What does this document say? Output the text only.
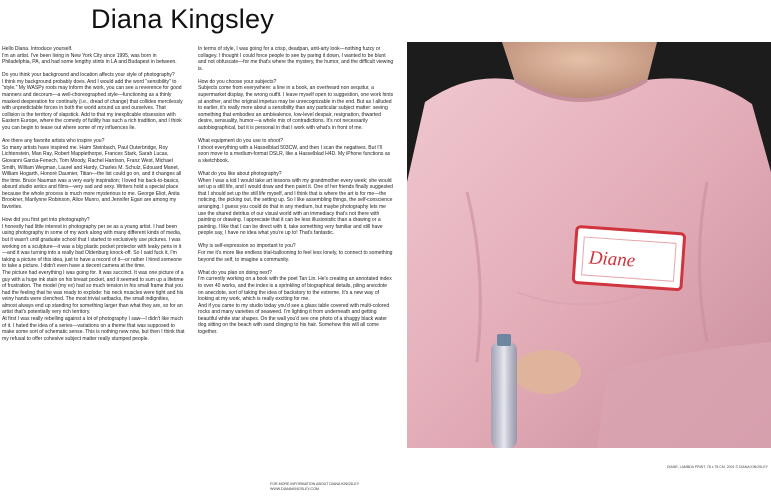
Diana Kingsley

Hello Diana. Introduce yourself.

I'm an artist. I've been living in New York City since 1995, was born in Philadelphia, PA, and had some lengthy stints in LA and Budapest in between.

Do you think your background and location affects your style of photography?

I think my background probably does. And I would add the word "sensibility" to "style." My WASPy roots may inform the work, you can see a reverence for good manners and decorum—a well-choreographed style—functioning as a thinly masked desperation for continuity (i.e., dread of change) that collides mercilessly with unpredictable forces in both the world around us and ourselves. That collision is the territory of slapstick. Add to that my inexplicable obsession with Eastern Europe, where the comedy of futility has such a rich tradition, and I think you can begin to tease out where some of my influences lie.

Are there any favorite artists who inspire you?

So many artists have inspired me. Haim Steinbach, Paul Outerbridge, Roy Lichtenstein, Man Ray, Robert Mapplethorpe, Frances Stark, Sarah Lucas, Giovanni Garcia-Fenech, Tom Moody, Rachel Harrison, Franz West, Michael Smith, William Wegman, Laurel and Hardy, Charles M. Schulz, Édouard Manet, William Hogarth, Honoré Daumier, Titian—the list could go on, and it changes all the time. Bruce Nauman was a very early inspiration; I loved his back-to-basics, absurd studio antics and films—very sad and sexy. Writers hold a special place because the whole process is much more mysterious to me. George Eliot, Anita Brookner, Marilynne Robinson, Alice Munro, and Jennifer Egan are among my favorites.

How did you first get into photography?

I honestly had little interest in photography per se as a young artist. I had been using photography in some of my work along with many different kinds of media, but it wasn't until graduate school that I started to exclusively use pictures. I was working on a sculpture—it was a big plastic pocket protector with leaky pens in it—and it was turning into a really bad Oldenburg knock-off. So I said fuck it, I'm taking a picture of this idea, just to have a record of it—or rather I hired someone to take a picture. I didn't even have a decent camera at the time.

The picture had everything I was going for. It was succinct. It was one picture of a guy with a huge ink stain on his breast pocket, and it seemed to sum up a lifetime of frustration. The model (my ex) had so much tension in his small frame that you had the feeling that he was ready to explode: his neck muscles were tight and his veiny hands were clenched. The most trivial setbacks, the small indignities, almost always end up standing for something larger than what they are, so for an artist that's potentially very rich territory.

At first I was really rebelling against a lot of photography I saw—I didn't like much of it. I hated the idea of a series—variations on a theme that was supposed to make some sort of schematic sense. This is nothing new now, but then I think that my refusal to offer cohesive subject matter really stumped people.

In terms of style, I was going for a crisp, deadpan, anti-arty look—nothing fuzzy or collagey. I thought I could force people to see by paring it down, I wanted to be blunt and not obfuscate—for me that's where the mystery, the humor, and the difficult viewing is.

How do you choose your subjects?

Subjects come from everywhere: a line in a book, an overheard non sequitur, a supermarket display, the wrong outfit. I leave myself open to suggestion, one work hints at another, and the original impetus may be unrecognizable in the end. But as I alluded to earlier, it's really more about a sensibility than any particular subject matter: seeing something that embodies an ambivalence, low-level despair, resignation, thwarted desire, sensuality, humor—a whole mix of contradictions. It's not necessarily autobiographical, but it is personal in that I work with what's in front of me.

What equipment do you use to shoot?

I shoot everything with a Hasselblad 503CW, and then I scan the negatives. But I'll soon move to a medium-format DSLR, like a Hasselblad H4D. My iPhone functions as a sketchbook.

What do you like about photography?

When I was a kid I would take art lessons with my grandmother every week; she would set up a still life, and I would draw and then paint it. One of her friends finally suggested that I should set up the still life myself, and I think that is where the art is for me—the noticing, the picking out, the setting up. So I like assembling things, the self-conscience arranging. I guess you could do that in any medium, but maybe photography lets me use the shared detritus of our visual world with an immediacy that's not there with painting or drawing. I appreciate that it can be less illusionistic than a drawing or a painting. I like that I can be direct with it, take something very familiar and still have people say, I have no idea what you're up to! That's fantastic.

Why is self-expression so important to you?

For me it's more like endless trial-ballooning to feel less lonely, to connect to something beyond the self, to imagine a community.

What do you plan on doing next?

I'm currently working on a book with the poet Tan Lin. He's creating an annotated index to over 40 works, and the index is a sprinkling of biographical details, piling anecdote on anecdote, sort of taking the idea of backstory to the extreme. It's a new way of looking at my work, which is really exciting for me.

And if you came to my studio today you'd see a glass table covered with multi-colored rocks and many varieties of seaweed. I'm lighting it from underneath and getting beautiful white star shapes. On the wall you'd see one photo of a shaggy black water dog sitting on the beach with sand clinging to his hair. Somehow this will all come together.

FOR MORE INFORMATION ABOUT DIANA KINGSLEY
WWW.DIANAKINGSLEY.COM
Diane
DIANE, LAMBDA PRINT, 78 x 78 CM, 2001 © DIANA KINGSLEY
